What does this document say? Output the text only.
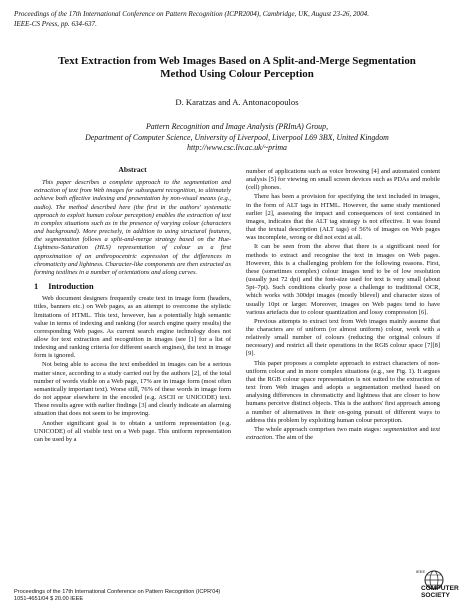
Proceedings of the 17th International Conference on Pattern Recognition (ICPR2004), Cambridge, UK, August 23-26, 2004.
IEEE-CS Press, pp. 634-637.
Text Extraction from Web Images Based on A Split-and-Merge Segmentation
Method Using Colour Perception
D. Karatzas and A. Antonacopoulos
Pattern Recognition and Image Analysis (PRImA) Group,
Department of Computer Science, University of Liverpool, Liverpool L69 3BX, United Kingdom
http://www.csc.liv.ac.uk/~prima
Abstract

This paper describes a complete approach to the segmentation and extraction of text from Web images for subsequent recognition, to ultimately achieve both effective indexing and presentation by non-visual means (e.g., audio). The method described here (the first in the authors' systematic approach to exploit human colour perception) enables the extraction of text in complex situations such as in the presence of varying colour (characters and background). More precisely, in addition to using structural features, the segmentation follows a split-and-merge strategy based on the Hue-Lightness-Saturation (HLS) representation of colour as a first approximation of an anthropocentric expression of the differences in chromaticity and lightness. Character-like components are then extracted as forming textlines in a number of orientations and along curves.

1 Introduction

Web document designers frequently create text in image form (headers, titles, banners etc.) on Web pages, as an attempt to overcome the stylistic limitations of HTML. This text, however, has a potentially high semantic value in terms of indexing and ranking (for search engine query results) the corresponding Web pages. As current search engine technology does not allow for text extraction and recognition in images (see [1] for a list of indexing and ranking criteria for different search engines), the text in image form is ignored.

Not being able to access the text embedded in images can be a serious matter since, according to a study carried out by the authors [2], of the total number of words visible on a Web page, 17% are in image form (most often semantically important text). Worse still, 76% of these words in image form do not appear elsewhere in the encoded (e.g. ASCII or UNICODE) text. These results agree with earlier findings [3] and clearly indicate an alarming situation that does not seem to be improving.

Another significant goal is to obtain a uniform representation (e.g. UNICODE) of all visible text on a Web page. This uniform representation can be used by a

number of applications such as voice browsing [4] and automated content analysis [5] for viewing on small screen devices such as PDAs and mobile (cell) phones.

There has been a provision for specifying the text included in images, in the form of ALT tags in HTML. However, the same study mentioned earlier [2], assessing the impact and consequences of text contained in images, indicates that the ALT tag strategy is not effective. It was found that the textual description (ALT tags) of 56% of images on Web pages was incomplete, wrong or did not exist at all.

It can be seen from the above that there is a significant need for methods to extract and recognise the text in images on Web pages. However, this is a challenging problem for the following reasons. First, these (sometimes complex) colour images tend to be of low resolution (usually just 72 dpi) and the font-size used for text is very small (about 5pt–7pt). Such conditions clearly pose a challenge to traditional OCR, which works with 300dpi images (mostly bilevel) and character sizes of usually 10pt or larger. Moreover, images on Web pages tend to have various artefacts due to colour quantization and lossy compression [6].

Previous attempts to extract text from Web images mainly assume that the characters are of uniform (or almost uniform) colour, work with a relatively small number of colours (reducing the original colours if necessary) and restrict all their operations in the RGB colour space [7][8][9].

This paper proposes a complete approach to extract characters of non-uniform colour and in more complex situations (e.g., see Fig. 1). It argues that the RGB colour space representation is not suited to the extraction of text from Web images and adopts a segmentation method based on analysing differences in chromaticity and lightness that are closer to how humans perceive distinct objects. This is the authors' first approach among a number of alternatives in their on-going pursuit of different ways to address this problem by exploiting human colour perception.

The whole approach comprises two main stages: segmentation and text extraction. The aim of the

Proceedings of the 17th International Conference on Pattern Recognition (ICPR'04)
1051-4651/04 $ 20.00 IEEE
IEEE
COMPUTER
SOCIETY
